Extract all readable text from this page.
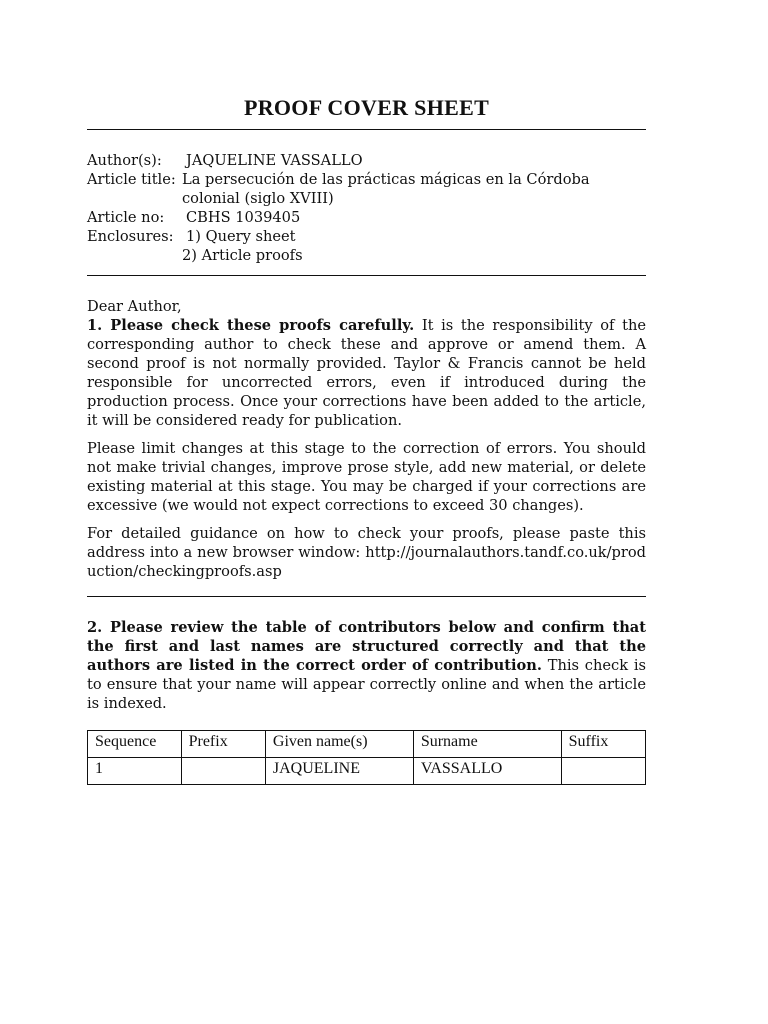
PROOF COVER SHEET
Author(s):	JAQUELINE VASSALLO
Article title: La persecución de las prácticas mágicas en la Córdoba
colonial (siglo XVIII)
Article no:	CBHS 1039405
Enclosures: 1) Query sheet
2) Article proofs

Dear Author,
1. Please check these proofs carefully. It is the responsibility of the corresponding author to check these and approve or amend them. A second proof is not normally provided. Taylor & Francis cannot be held responsible for uncorrected errors, even if introduced during the production process. Once your corrections have been added to the article, it will be considered ready for publication.

Please limit changes at this stage to the correction of errors. You should not make trivial changes, improve prose style, add new material, or delete existing material at this stage. You may be charged if your corrections are excessive (we would not expect corrections to exceed 30 changes).

For detailed guidance on how to check your proofs, please paste this address into a new browser window: http://journalauthors.tandf.co.uk/production/checkingproofs.asp

2. Please review the table of contributors below and confirm that the first and last names are structured correctly and that the authors are listed in the correct order of contribution. This check is to ensure that your name will appear correctly online and when the article is indexed.
Sequence	Prefix	Given name(s)	Surname	Suffix
1		JAQUELINE	VASSALLO	
